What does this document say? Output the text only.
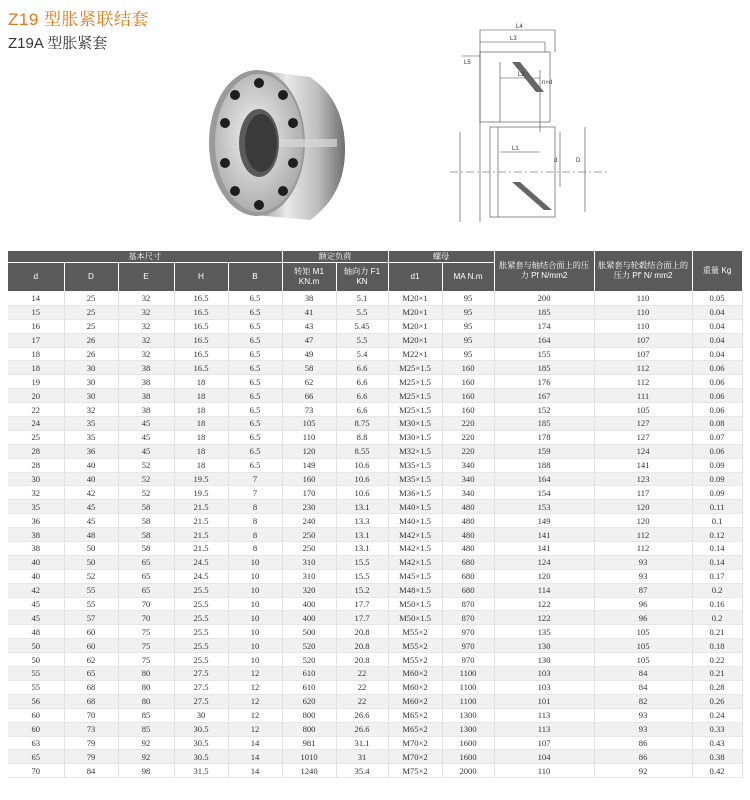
Z19 型胀紧联结套
Z19A 型胀紧套
L4
L3
L5
L2
n×d
L1
d	D
基本尺寸					额定负荷		螺母		胀紧套与轴结合面上的压力 Pf N/mm2	胀紧套与轮毂结合面上的压力 Pf' N/ mm2	重量 Kg
d	D	E	H	B	转矩 M1 KN.m	轴向力 F1 KN	d1	MA N.m			
14	25	32	16.5	6.5	38	5.1	M20×1	95	200	110	0.05
15	25	32	16.5	6.5	41	5.5	M20×1	95	185	110	0.04
16	25	32	16.5	6.5	43	5.45	M20×1	95	174	110	0.04
17	26	32	16.5	6.5	47	5.5	M20×1	95	164	107	0.04
18	26	32	16.5	6.5	49	5.4	M22×1	95	155	107	0.04
18	30	38	16.5	6.5	58	6.6	M25×1.5	160	185	112	0.06
19	30	38	18	6.5	62	6.6	M25×1.5	160	176	112	0.06
20	30	38	18	6.5	66	6.6	M25×1.5	160	167	111	0.06
22	32	38	18	6.5	73	6.6	M25×1.5	160	152	105	0.06
24	35	45	18	6.5	105	8.75	M30×1.5	220	185	127	0.08
25	35	45	18	6.5	110	8.8	M30×1.5	220	178	127	0.07
28	36	45	18	6.5	120	8.55	M32×1.5	220	159	124	0.06
28	40	52	18	6.5	149	10.6	M35×1.5	340	188	141	0.09
30	40	52	19.5	7	160	10.6	M35×1.5	340	164	123	0.09
32	42	52	19.5	7	170	10.6	M36×1.5	340	154	117	0.09
35	45	58	21.5	8	230	13.1	M40×1.5	480	153	120	0.11
36	45	58	21.5	8	240	13.3	M40×1.5	480	149	120	0.1
38	48	58	21.5	8	250	13.1	M42×1.5	480	141	112	0.12
38	50	58	21.5	8	250	13.1	M42×1.5	480	141	112	0.14
40	50	65	24.5	10	310	15.5	M42×1.5	680	124	93	0.14
40	52	65	24.5	10	310	15.5	M45×1.5	680	120	93	0.17
42	55	65	25.5	10	320	15.2	M48×1.5	680	114	87	0.2
45	55	70	25.5	10	400	17.7	M50×1.5	870	122	96	0.16
45	57	70	25.5	10	400	17.7	M50×1.5	870	122	96	0.2
48	60	75	25.5	10	500	20.8	M55×2	970	135	105	0.21
50	60	75	25.5	10	520	20.8	M55×2	970	130	105	0.18
50	62	75	25.5	10	520	20.8	M55×2	970	130	105	0.22
55	65	80	27.5	12	610	22	M60×2	1100	103	84	0.21
55	68	80	27.5	12	610	22	M60×2	1100	103	84	0.28
56	68	80	27.5	12	620	22	M60×2	1100	101	82	0.26
60	70	85	30	12	800	26.6	M65×2	1300	113	93	0.24
60	73	85	30.5	12	800	26.6	M65×2	1300	113	93	0.33
63	79	92	30.5	14	981	31.1	M70×2	1600	107	86	0.43
65	79	92	30.5	14	1010	31	M70×2	1600	104	86	0.38
70	84	98	31.5	14	1240	35.4	M75×2	2000	110	92	0.42
